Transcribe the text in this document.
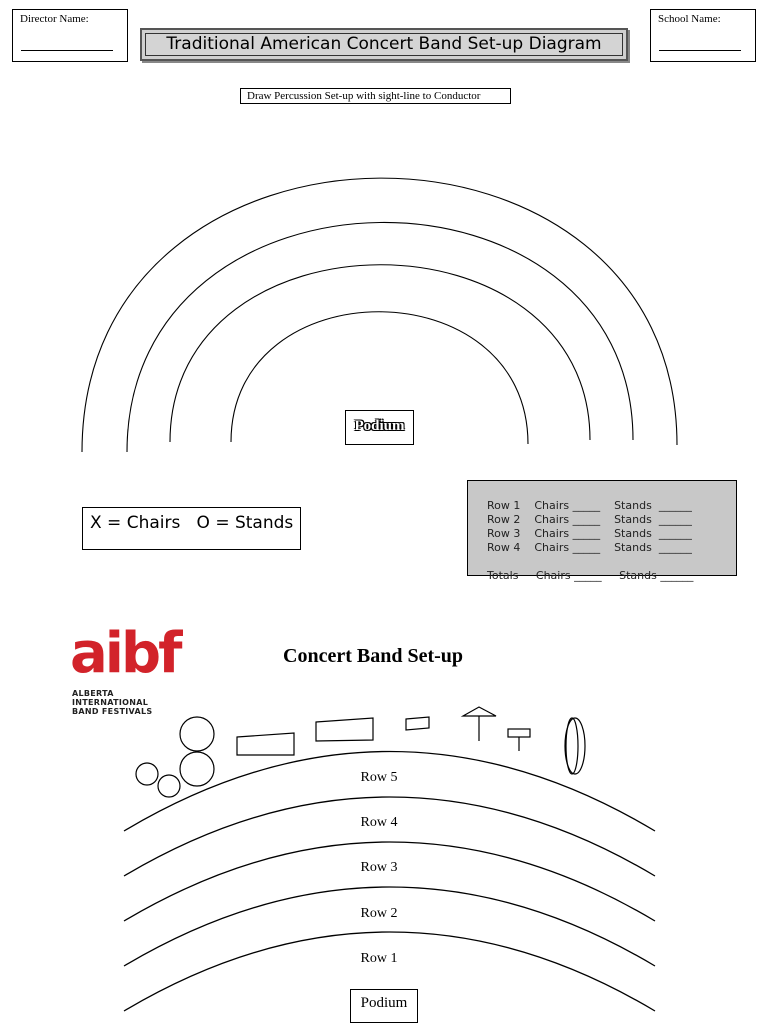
Director Name:
Traditional American Concert Band Set-up Diagram
School Name:
Draw Percussion Set-up with sight-line to Conductor
Row 5
Row 4
Row 3
Row 2
Row 1
Podium
X = Chairs   O = Stands

Row 1 Chairs _____ Stands ______

Row 2 Chairs _____ Stands ______

Row 3 Chairs _____ Stands ______

Row 4 Chairs _____ Stands ______

Totals Chairs _____ Stands ______

aibf
ALBERTA
INTERNATIONAL
BAND FESTIVALS
Concert Band Set-up
Podium
